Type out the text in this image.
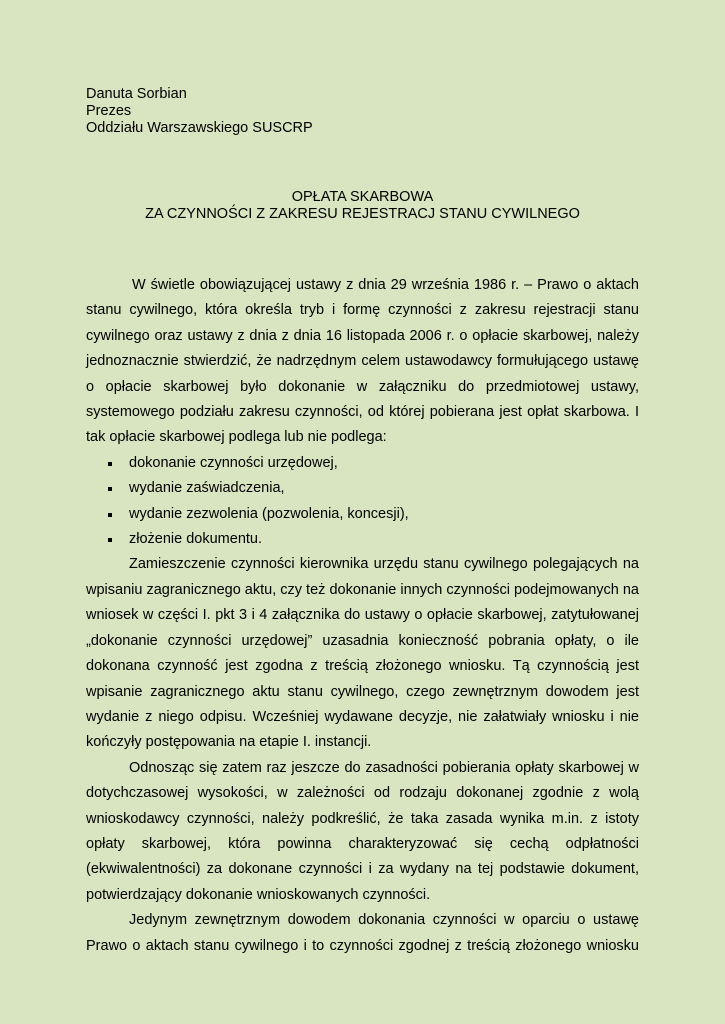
Danuta Sorbian
Prezes
Oddziału Warszawskiego SUSCRP
OPŁATA SKARBOWA
ZA CZYNNOŚCI Z ZAKRESU REJESTRACJ STANU CYWILNEGO

W świetle obowiązującej ustawy z dnia 29 września 1986 r. – Prawo o aktach stanu cywilnego, która określa tryb i formę czynności z zakresu rejestracji stanu cywilnego oraz ustawy z dnia z dnia 16 listopada 2006 r. o opłacie skarbowej, należy jednoznacznie stwierdzić, że nadrzędnym celem ustawodawcy formułującego ustawę o opłacie skarbowej było dokonanie w załączniku do przedmiotowej ustawy, systemowego podziału zakresu czynności, od której pobierana jest opłat skarbowa. I tak opłacie skarbowej podlega lub nie podlega:

dokonanie czynności urzędowej,
wydanie zaświadczenia,
wydanie zezwolenia (pozwolenia, koncesji),
złożenie dokumentu.

Zamieszczenie czynności kierownika urzędu stanu cywilnego polegających na wpisaniu zagranicznego aktu, czy też dokonanie innych czynności podejmowanych na wniosek w części I. pkt 3 i 4 załącznika do ustawy o opłacie skarbowej, zatytułowanej „dokonanie czynności urzędowej” uzasadnia konieczność pobrania opłaty, o ile dokonana czynność jest zgodna z treścią złożonego wniosku. Tą czynnością jest wpisanie zagranicznego aktu stanu cywilnego, czego zewnętrznym dowodem jest wydanie z niego odpisu. Wcześniej wydawane decyzje, nie załatwiały wniosku i nie kończyły postępowania na etapie I. instancji.

Odnosząc się zatem raz jeszcze do zasadności pobierania opłaty skarbowej w dotychczasowej wysokości, w zależności od rodzaju dokonanej zgodnie z wolą wnioskodawcy czynności, należy podkreślić, że taka zasada wynika m.in. z istoty opłaty skarbowej, która powinna charakteryzować się cechą odpłatności (ekwiwalentności) za dokonane czynności i za wydany na tej podstawie dokument, potwierdzający dokonanie wnioskowanych czynności.

Jedynym zewnętrznym dowodem dokonania czynności w oparciu o ustawę Prawo o aktach stanu cywilnego i to czynności zgodnej z treścią złożonego wniosku
